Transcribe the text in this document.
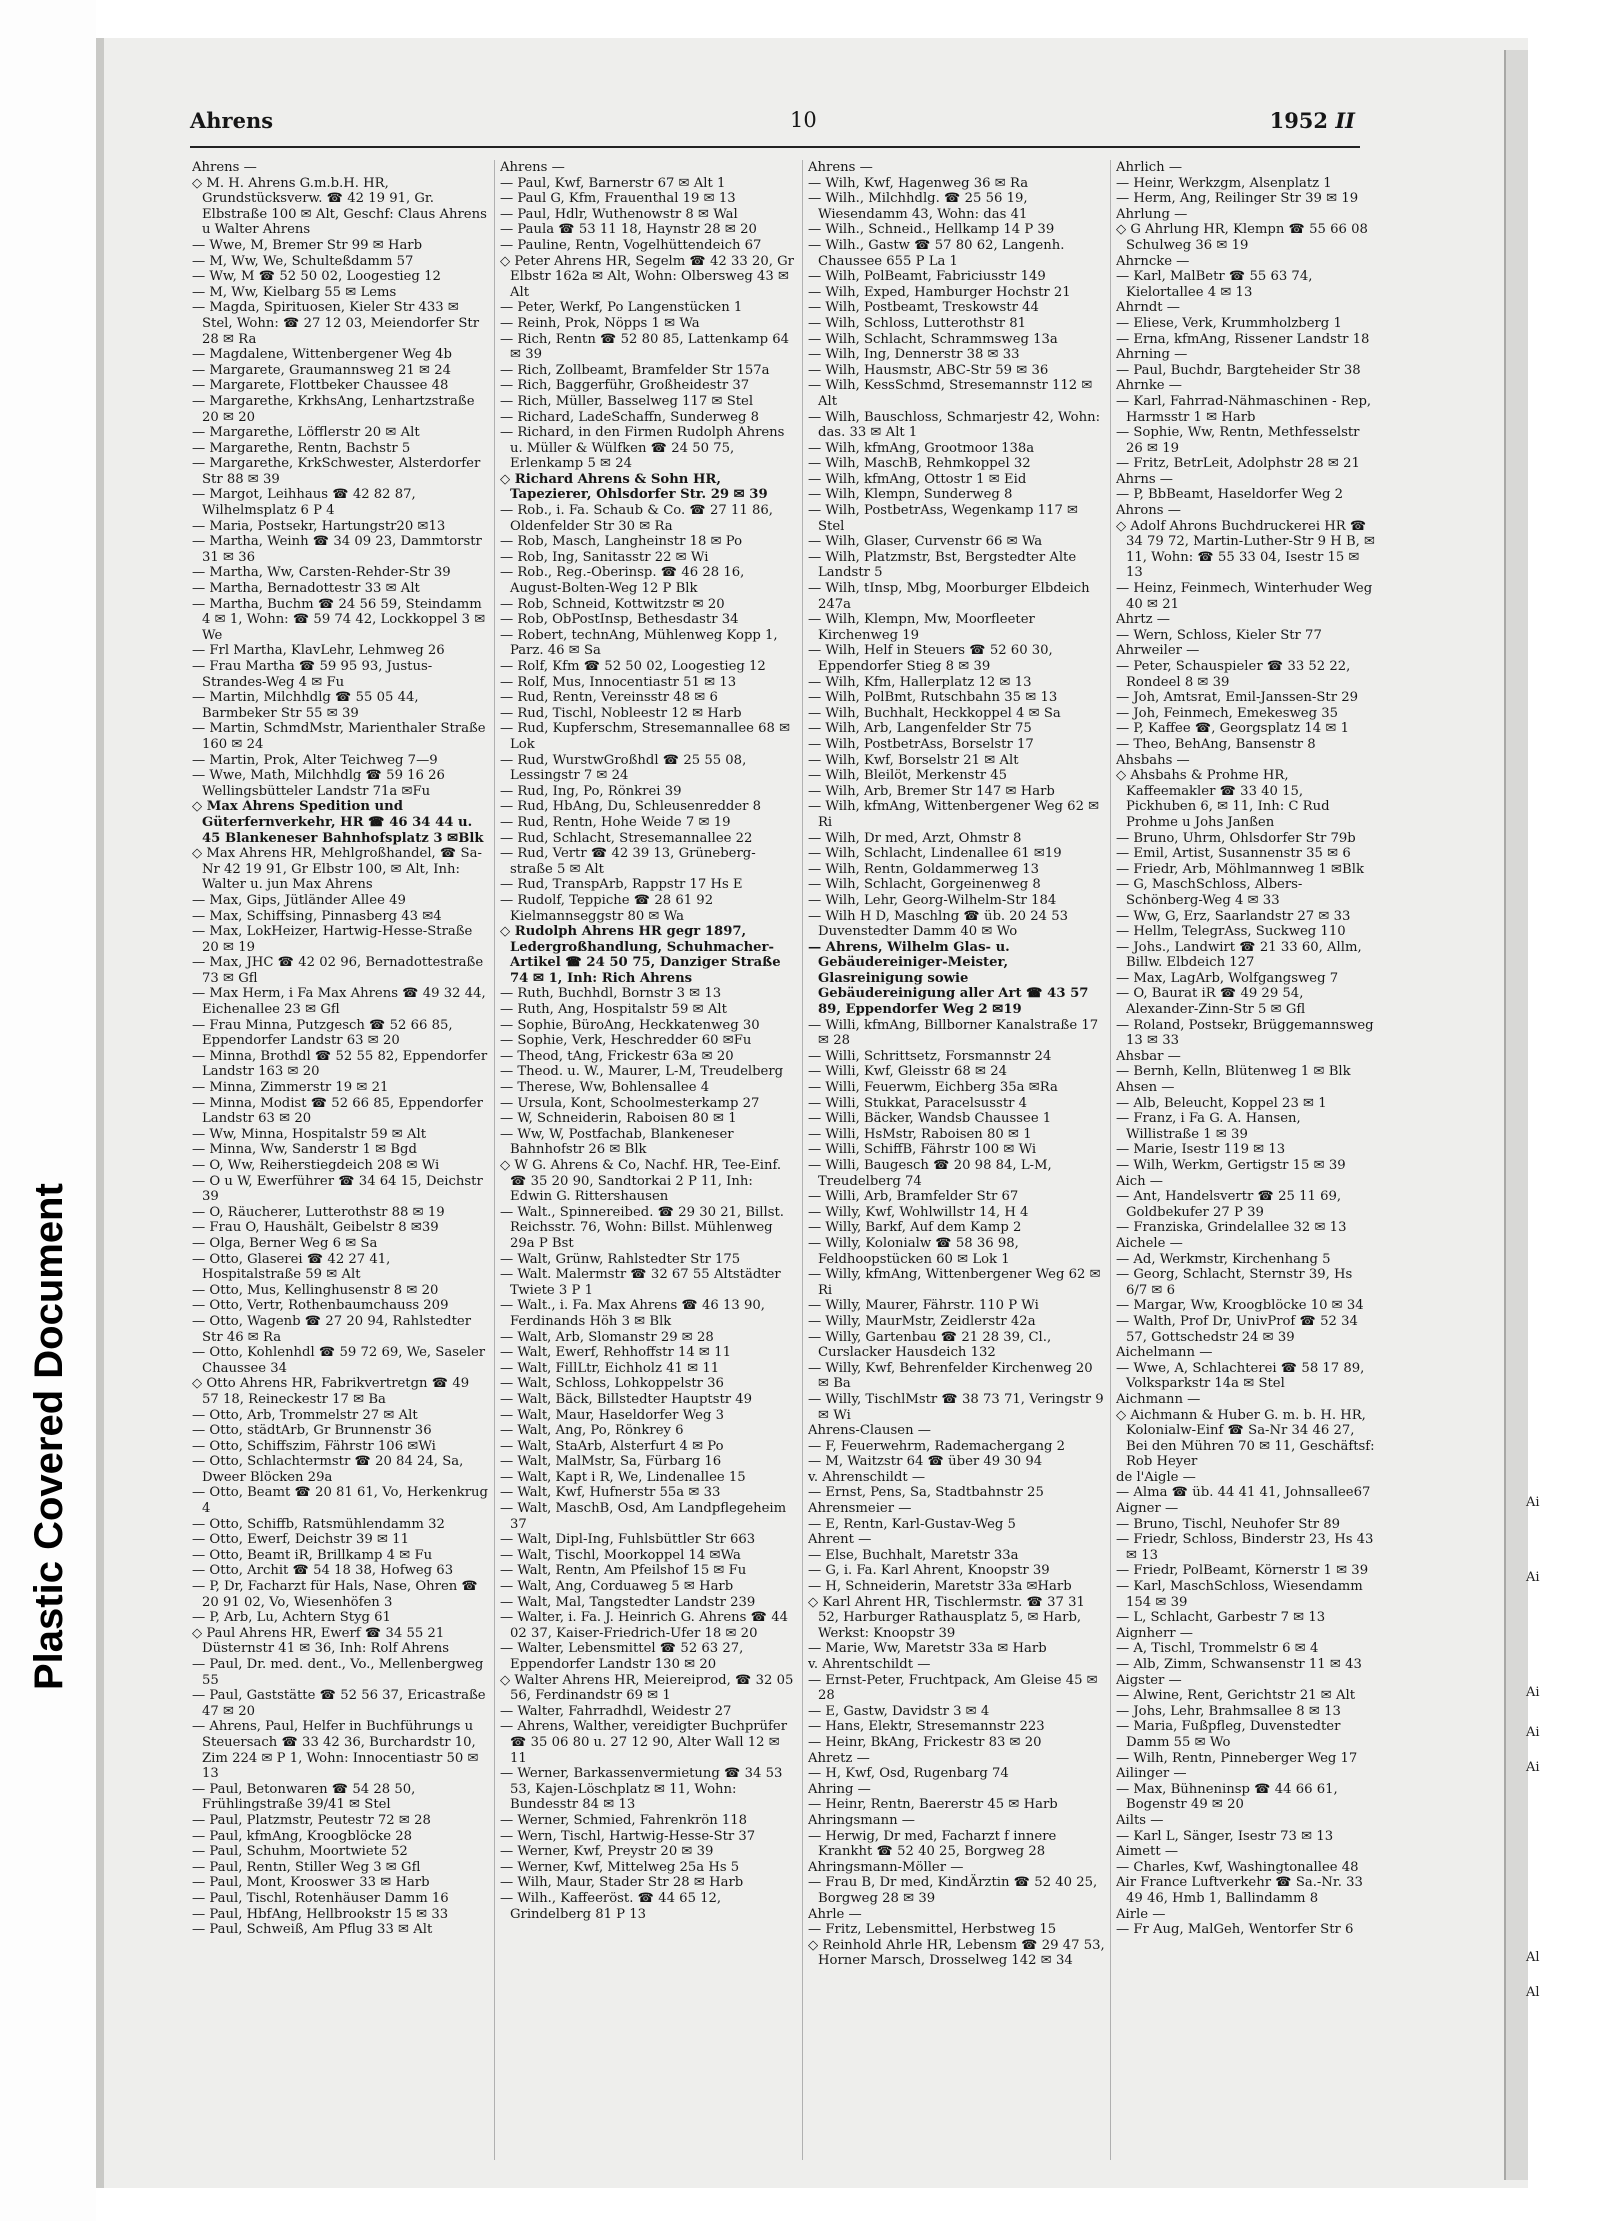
Plastic Covered Document
Ahrens	10	1952 II
Ahrens —
◇ M. H. Ahrens G.m.b.H. HR, Grundstücksverw. ☎ 42 19 91, Gr. Elbstraße 100 ✉ Alt, Geschf: Claus Ahrens u Walter Ahrens
— Wwe, M, Bremer Str 99 ✉ Harb
— M, Ww, We, Schulteßdamm 57
— Ww, M ☎ 52 50 02, Loogestieg 12
— M, Ww, Kielbarg 55 ✉ Lems
— Magda, Spirituosen, Kieler Str 433 ✉ Stel, Wohn: ☎ 27 12 03, Meiendorfer Str 28 ✉ Ra
— Magdalene, Wittenbergener Weg 4b
— Margarete, Graumannsweg 21 ✉ 24
— Margarete, Flottbeker Chaussee 48
— Margarethe, KrkhsAng, Lenhartzstraße 20 ✉ 20
— Margarethe, Löfflerstr 20 ✉ Alt
— Margarethe, Rentn, Bachstr 5
— Margarethe, KrkSchwester, Alsterdorfer Str 88 ✉ 39
— Margot, Leihhaus ☎ 42 82 87, Wilhelmsplatz 6 P 4
— Maria, Postsekr, Hartungstr20 ✉13
— Martha, Weinh ☎ 34 09 23, Dammtorstr 31 ✉ 36
— Martha, Ww, Carsten-Rehder-Str 39
— Martha, Bernadottestr 33 ✉ Alt
— Martha, Buchm ☎ 24 56 59, Steindamm 4 ✉ 1, Wohn: ☎ 59 74 42, Lockkoppel 3 ✉ We
— Frl Martha, KlavLehr, Lehmweg 26
— Frau Martha ☎ 59 95 93, Justus-Strandes-Weg 4 ✉ Fu
— Martin, Milchhdlg ☎ 55 05 44, Barmbeker Str 55 ✉ 39
— Martin, SchmdMstr, Marienthaler Straße 160 ✉ 24
— Martin, Prok, Alter Teichweg 7—9
— Wwe, Math, Milchhdlg ☎ 59 16 26 Wellingsbütteler Landstr 71a ✉Fu
◇ Max Ahrens Spedition und Güterfernverkehr, HR ☎ 46 34 44 u. 45 Blankeneser Bahnhofsplatz 3 ✉Blk
◇ Max Ahrens HR, Mehlgroßhandel, ☎ Sa-Nr 42 19 91, Gr Elbstr 100, ✉ Alt, Inh: Walter u. jun Max Ahrens
— Max, Gips, Jütländer Allee 49
— Max, Schiffsing, Pinnasberg 43 ✉4
— Max, LokHeizer, Hartwig-Hesse-Straße 20 ✉ 19
— Max, JHC ☎ 42 02 96, Bernadottestraße 73 ✉ Gfl
— Max Herm, i Fa Max Ahrens ☎ 49 32 44, Eichenallee 23 ✉ Gfl
— Frau Minna, Putzgesch ☎ 52 66 85, Eppendorfer Landstr 63 ✉ 20
— Minna, Brothdl ☎ 52 55 82, Eppendorfer Landstr 163 ✉ 20
— Minna, Zimmerstr 19 ✉ 21
— Minna, Modist ☎ 52 66 85, Eppendorfer Landstr 63 ✉ 20
— Ww, Minna, Hospitalstr 59 ✉ Alt
— Minna, Ww, Sanderstr 1 ✉ Bgd
— O, Ww, Reiherstiegdeich 208 ✉ Wi
— O u W, Ewerführer ☎ 34 64 15, Deichstr 39
— O, Räucherer, Lutterothstr 88 ✉ 19
— Frau O, Haushält, Geibelstr 8 ✉39
— Olga, Berner Weg 6 ✉ Sa
— Otto, Glaserei ☎ 42 27 41, Hospitalstraße 59 ✉ Alt
— Otto, Mus, Kellinghusenstr 8 ✉ 20
— Otto, Vertr, Rothenbaumchauss 209
— Otto, Wagenb ☎ 27 20 94, Rahlstedter Str 46 ✉ Ra
— Otto, Kohlenhdl ☎ 59 72 69, We, Saseler Chaussee 34
◇ Otto Ahrens HR, Fabrikvertretgn ☎ 49 57 18, Reineckestr 17 ✉ Ba
— Otto, Arb, Trommelstr 27 ✉ Alt
— Otto, städtArb, Gr Brunnenstr 36
— Otto, Schiffszim, Fährstr 106 ✉Wi
— Otto, Schlachtermstr ☎ 20 84 24, Sa, Dweer Blöcken 29a
— Otto, Beamt ☎ 20 81 61, Vo, Herkenkrug 4
— Otto, Schiffb, Ratsmühlendamm 32
— Otto, Ewerf, Deichstr 39 ✉ 11
— Otto, Beamt iR, Brillkamp 4 ✉ Fu
— Otto, Archit ☎ 54 18 38, Hofweg 63
— P, Dr, Facharzt für Hals, Nase, Ohren ☎ 20 91 02, Vo, Wiesenhöfen 3
— P, Arb, Lu, Achtern Styg 61
◇ Paul Ahrens HR, Ewerf ☎ 34 55 21 Düsternstr 41 ✉ 36, Inh: Rolf Ahrens
— Paul, Dr. med. dent., Vo., Mellenbergweg 55
— Paul, Gaststätte ☎ 52 56 37, Ericastraße 47 ✉ 20
— Ahrens, Paul, Helfer in Buchführungs u Steuersach ☎ 33 42 36, Burchardstr 10, Zim 224 ✉ P 1, Wohn: Innocentiastr 50 ✉ 13
— Paul, Betonwaren ☎ 54 28 50, Frühlingstraße 39/41 ✉ Stel
— Paul, Platzmstr, Peutestr 72 ✉ 28
— Paul, kfmAng, Kroogblöcke 28
— Paul, Schuhm, Moortwiete 52
— Paul, Rentn, Stiller Weg 3 ✉ Gfl
— Paul, Mont, Krooswег 33 ✉ Harb
— Paul, Tischl, Rotenhäuser Damm 16
— Paul, HbfAng, Hellbrookstr 15 ✉ 33
— Paul, Schweiß, Am Pflug 33 ✉ Alt
Ahrens —
— Paul, Kwf, Barnerstr 67 ✉ Alt 1
— Paul G, Kfm, Frauenthal 19 ✉ 13
— Paul, Hdlr, Wuthenowstr 8 ✉ Wal
— Paula ☎ 53 11 18, Haynstr 28 ✉ 20
— Pauline, Rentn, Vogelhüttendeich 67
◇ Peter Ahrens HR, Segelm ☎ 42 33 20, Gr Elbstr 162a ✉ Alt, Wohn: Olbersweg 43 ✉ Alt
— Peter, Werkf, Po Langenstücken 1
— Reinh, Prok, Nöpps 1 ✉ Wa
— Rich, Rentn ☎ 52 80 85, Lattenkamp 64 ✉ 39
— Rich, Zollbeamt, Bramfelder Str 157a
— Rich, Baggerführ, Großheidestr 37
— Rich, Müller, Basselweg 117 ✉ Stel
— Richard, LadeSchaffn, Sunderweg 8
— Richard, in den Firmen Rudolph Ahrens u. Müller & Wülfken ☎ 24 50 75, Erlenkamp 5 ✉ 24
◇ Richard Ahrens & Sohn HR, Tapezierer, Ohlsdorfer Str. 29 ✉ 39
— Rob., i. Fa. Schaub & Co. ☎ 27 11 86, Oldenfelder Str 30 ✉ Ra
— Rob, Masch, Langheinstr 18 ✉ Po
— Rob, Ing, Sanitasstr 22 ✉ Wi
— Rob., Reg.-Oberinsp. ☎ 46 28 16, August-Bolten-Weg 12 P Blk
— Rob, Schneid, Kottwitzstr ✉ 20
— Rob, ObPostInsp, Bethesdastr 34
— Robert, technAng, Mühlenweg Kopp 1, Parz. 46 ✉ Sa
— Rolf, Kfm ☎ 52 50 02, Loogestieg 12
— Rolf, Mus, Innocentiastr 51 ✉ 13
— Rud, Rentn, Vereinsstr 48 ✉ 6
— Rud, Tischl, Nobleestr 12 ✉ Harb
— Rud, Kupferschm, Stresemannallee 68 ✉ Lok
— Rud, WurstwGroßhdl ☎ 25 55 08, Lessingstr 7 ✉ 24
— Rud, Ing, Po, Rönkrei 39
— Rud, HbAng, Du, Schleusenredder 8
— Rud, Rentn, Hohe Weide 7 ✉ 19
— Rud, Schlacht, Stresemannallee 22
— Rud, Vertr ☎ 42 39 13, Grüneberg-straße 5 ✉ Alt
— Rud, TranspArb, Rappstr 17 Hs E
— Rudolf, Teppiche ☎ 28 61 92 Kielmannseggstr 80 ✉ Wa
◇ Rudolph Ahrens HR gegr 1897, Ledergroßhandlung, Schuhmacher-Artikel ☎ 24 50 75, Danziger Straße 74 ✉ 1, Inh: Rich Ahrens
— Ruth, Buchhdl, Bornstr 3 ✉ 13
— Ruth, Ang, Hospitalstr 59 ✉ Alt
— Sophie, BüroAng, Heckkatenweg 30
— Sophie, Verk, Heschredder 60 ✉Fu
— Theod, tAng, Frickestr 63a ✉ 20
— Theod. u. W., Maurer, L-M, Treudelberg
— Therese, Ww, Bohlensallee 4
— Ursula, Kont, Schoolmesterkamp 27
— W, Schneiderin, Raboisen 80 ✉ 1
— Ww, W, Postfachab, Blankeneser Bahnhofstr 26 ✉ Blk
◇ W G. Ahrens & Co, Nachf. HR, Tee-Einf. ☎ 35 20 90, Sandtorkai 2 P 11, Inh: Edwin G. Rittershausen
— Walt., Spinnereibed. ☎ 29 30 21, Billst. Reichsstr. 76, Wohn: Billst. Mühlenweg 29a P Bst
— Walt, Grünw, Rahlstedter Str 175
— Walt. Malermstr ☎ 32 67 55 Altstädter Twiete 3 P 1
— Walt., i. Fa. Max Ahrens ☎ 46 13 90, Ferdinands Höh 3 ✉ Blk
— Walt, Arb, Slomanstr 29 ✉ 28
— Walt, Ewerf, Rehhoffstr 14 ✉ 11
— Walt, FillLtr, Eichholz 41 ✉ 11
— Walt, Schloss, Lohkoppelstr 36
— Walt, Bäck, Billstedter Hauptstr 49
— Walt, Maur, Haseldorfer Weg 3
— Walt, Ang, Po, Rönkrey 6
— Walt, StaArb, Alsterfurt 4 ✉ Po
— Walt, MalMstr, Sa, Fürbarg 16
— Walt, Kapt i R, We, Lindenallee 15
— Walt, Kwf, Hufnerstr 55a ✉ 33
— Walt, MaschB, Osd, Am Landpflegeheim 37
— Walt, Dipl-Ing, Fuhlsbüttler Str 663
— Walt, Tischl, Moorkoppel 14 ✉Wa
— Walt, Rentn, Am Pfeilshof 15 ✉ Fu
— Walt, Ang, Corduaweg 5 ✉ Harb
— Walt, Mal, Tangstedter Landstr 239
— Walter, i. Fa. J. Heinrich G. Ahrens ☎ 44 02 37, Kaiser-Friedrich-Ufer 18 ✉ 20
— Walter, Lebensmittel ☎ 52 63 27, Eppendorfer Landstr 130 ✉ 20
◇ Walter Ahrens HR, Meiereiprod, ☎ 32 05 56, Ferdinandstr 69 ✉ 1
— Walter, Fahrradhdl, Weidestr 27
— Ahrens, Walther, vereidigter Buchprüfer ☎ 35 06 80 u. 27 12 90, Alter Wall 12 ✉ 11
— Werner, Barkassenvermietung ☎ 34 53 53, Kajen-Löschplatz ✉ 11, Wohn: Bundesstr 84 ✉ 13
— Werner, Schmied, Fahrenkrön 118
— Wern, Tischl, Hartwig-Hesse-Str 37
— Werner, Kwf, Preystr 20 ✉ 39
— Werner, Kwf, Mittelweg 25a Hs 5
— Wilh, Maur, Stader Str 28 ✉ Harb
— Wilh., Kaffeeröst. ☎ 44 65 12, Grindelberg 81 P 13
Ahrens —
— Wilh, Kwf, Hagenweg 36 ✉ Ra
— Wilh., Milchhdlg. ☎ 25 56 19, Wiesendamm 43, Wohn: das 41
— Wilh., Schneid., Hellkamp 14 P 39
— Wilh., Gastw ☎ 57 80 62, Langenh. Chaussee 655 P La 1
— Wilh, PolBeamt, Fabriciusstr 149
— Wilh, Exped, Hamburger Hochstr 21
— Wilh, Postbeamt, Treskowstr 44
— Wilh, Schloss, Lutterothstr 81
— Wilh, Schlacht, Schrammsweg 13a
— Wilh, Ing, Dennerstr 38 ✉ 33
— Wilh, Hausmstr, ABC-Str 59 ✉ 36
— Wilh, KessSchmd, Stresemannstr 112 ✉ Alt
— Wilh, Bauschloss, Schmarjestr 42, Wohn: das. 33 ✉ Alt 1
— Wilh, kfmAng, Grootmoor 138a
— Wilh, MaschB, Rehmkoppel 32
— Wilh, kfmAng, Ottostr 1 ✉ Eid
— Wilh, Klempn, Sunderweg 8
— Wilh, PostbetrAss, Wegenkamp 117 ✉ Stel
— Wilh, Glaser, Curvenstr 66 ✉ Wa
— Wilh, Platzmstr, Bst, Bergstedter Alte Landstr 5
— Wilh, tInsp, Mbg, Moorburger Elbdeich 247a
— Wilh, Klempn, Mw, Moorfleeter Kirchenweg 19
— Wilh, Helf in Steuers ☎ 52 60 30, Eppendorfer Stieg 8 ✉ 39
— Wilh, Kfm, Hallerplatz 12 ✉ 13
— Wilh, PolBmt, Rutschbahn 35 ✉ 13
— Wilh, Buchhalt, Heckkoppel 4 ✉ Sa
— Wilh, Arb, Langenfelder Str 75
— Wilh, PostbetrAss, Borselstr 17
— Wilh, Kwf, Borselstr 21 ✉ Alt
— Wilh, Bleilöt, Merkenstr 45
— Wilh, Arb, Bremer Str 147 ✉ Harb
— Wilh, kfmAng, Wittenbergener Weg 62 ✉ Ri
— Wilh, Dr med, Arzt, Ohmstr 8
— Wilh, Schlacht, Lindenallee 61 ✉19
— Wilh, Rentn, Goldammerweg 13
— Wilh, Schlacht, Gorgeinenweg 8
— Wilh, Lehr, Georg-Wilhelm-Str 184
— Wilh H D, Maschlng ☎ üb. 20 24 53 Duvenstedter Damm 40 ✉ Wo
— Ahrens, Wilhelm Glas- u. Gebäudereiniger-Meister, Glasreinigung sowie Gebäudereinigung aller Art ☎ 43 57 89, Eppendorfer Weg 2 ✉19
— Willi, kfmAng, Billborner Kanalstraße 17 ✉ 28
— Willi, Schrittsetz, Forsmannstr 24
— Willi, Kwf, Gleisstr 68 ✉ 24
— Willi, Feuerwm, Eichberg 35a ✉Ra
— Willi, Stukkat, Paracelsusstr 4
— Willi, Bäcker, Wandsb Chaussee 1
— Willi, HsMstr, Raboisen 80 ✉ 1
— Willi, SchiffB, Fährstr 100 ✉ Wi
— Willi, Baugesch ☎ 20 98 84, L-M, Treudelberg 74
— Willi, Arb, Bramfelder Str 67
— Willy, Kwf, Wohlwillstr 14, H 4
— Willy, Barkf, Auf dem Kamp 2
— Willy, Kolonialw ☎ 58 36 98, Feldhoopstücken 60 ✉ Lok 1
— Willy, kfmAng, Wittenbergener Weg 62 ✉ Ri
— Willy, Maurer, Fährstr. 110 P Wi
— Willy, MaurMstr, Zeidlerstr 42a
— Willy, Gartenbau ☎ 21 28 39, Cl., Curslacker Hausdeich 132
— Willy, Kwf, Behrenfelder Kirchenweg 20 ✉ Ba
— Willy, TischlMstr ☎ 38 73 71, Veringstr 9 ✉ Wi
Ahrens-Clausen —
— F, Feuerwehrm, Rademachergang 2
— M, Waitzstr 64 ☎ über 49 30 94
v. Ahrenschildt —
— Ernst, Pens, Sa, Stadtbahnstr 25
Ahrensmeier —
— E, Rentn, Karl-Gustav-Weg 5
Ahrent —
— Else, Buchhalt, Maretstr 33a
— G, i. Fa. Karl Ahrent, Knoopstr 39
— H, Schneiderin, Maretstr 33a ✉Harb
◇ Karl Ahrent HR, Tischlermstr. ☎ 37 31 52, Harburger Rathausplatz 5, ✉ Harb, Werkst: Knoopstr 39
— Marie, Ww, Maretstr 33a ✉ Harb
v. Ahrentschildt —
— Ernst-Peter, Fruchtpack, Am Gleise 45 ✉ 28
— E, Gastw, Davidstr 3 ✉ 4
— Hans, Elektr, Stresemannstr 223
— Heinr, BkAng, Frickestr 83 ✉ 20
Ahretz —
— H, Kwf, Osd, Rugenbarg 74
Ahring —
— Heinr, Rentn, Baererstr 45 ✉ Harb
Ahringsmann —
— Herwig, Dr med, Facharzt f innere Krankht ☎ 52 40 25, Borgweg 28
Ahringsmann-Möller —
— Frau B, Dr med, KindÄrztin ☎ 52 40 25, Borgweg 28 ✉ 39
Ahrle —
— Fritz, Lebensmittel, Herbstweg 15
◇ Reinhold Ahrle HR, Lebensm ☎ 29 47 53, Horner Marsch, Drosselweg 142 ✉ 34
Ahrlich —
— Heinr, Werkzgm, Alsenplatz 1
— Herm, Ang, Reilinger Str 39 ✉ 19
Ahrlung —
◇ G Ahrlung HR, Klempn ☎ 55 66 08 Schulweg 36 ✉ 19
Ahrncke —
— Karl, MalBetr ☎ 55 63 74, Kielortallee 4 ✉ 13
Ahrndt —
— Eliese, Verk, Krummholzberg 1
— Erna, kfmAng, Rissener Landstr 18
Ahrning —
— Paul, Buchdr, Bargteheider Str 38
Ahrnke —
— Karl, Fahrrad-Nähmaschinen - Rep, Harmsstr 1 ✉ Harb
— Sophie, Ww, Rentn, Methfesselstr 26 ✉ 19
— Fritz, BetrLeit, Adolphstr 28 ✉ 21
Ahrns —
— P, BbBeamt, Haseldorfer Weg 2
Ahrons —
◇ Adolf Ahrons Buchdruckerei HR ☎ 34 79 72, Martin-Luther-Str 9 H B, ✉ 11, Wohn: ☎ 55 33 04, Isestr 15 ✉ 13
— Heinz, Feinmech, Winterhuder Weg 40 ✉ 21
Ahrtz —
— Wern, Schloss, Kieler Str 77
Ahrweiler —
— Peter, Schauspieler ☎ 33 52 22, Rondeel 8 ✉ 39
— Joh, Amtsrat, Emil-Janssen-Str 29
— Joh, Feinmech, Emekesweg 35
— P, Kaffee ☎, Georgsplatz 14 ✉ 1
— Theo, BehAng, Bansenstr 8
Ahsbahs —
◇ Ahsbahs & Prohme HR, Kaffeemakler ☎ 33 40 15, Pickhuben 6, ✉ 11, Inh: C Rud Prohme u Johs Janßen
— Bruno, Uhrm, Ohlsdorfer Str 79b
— Emil, Artist, Susannenstr 35 ✉ 6
— Friedr, Arb, Möhlmannweg 1 ✉Blk
— G, MaschSchloss, Albers-Schönberg-Weg 4 ✉ 33
— Ww, G, Erz, Saarlandstr 27 ✉ 33
— Hellm, TelegrAss, Suckweg 110
— Johs., Landwirt ☎ 21 33 60, Allm, Billw. Elbdeich 127
— Max, LagArb, Wolfgangsweg 7
— O, Baurat iR ☎ 49 29 54, Alexander-Zinn-Str 5 ✉ Gfl
— Roland, Postsekr, Brüggemannsweg 13 ✉ 33
Ahsbar —
— Bernh, Kelln, Blütenweg 1 ✉ Blk
Ahsen —
— Alb, Beleucht, Koppel 23 ✉ 1
— Franz, i Fa G. A. Hansen, Willistraße 1 ✉ 39
— Marie, Isestr 119 ✉ 13
— Wilh, Werkm, Gertigstr 15 ✉ 39
Aich —
— Ant, Handelsvertr ☎ 25 11 69, Goldbekufer 27 P 39
— Franziska, Grindelallee 32 ✉ 13
Aichele —
— Ad, Werkmstr, Kirchenhang 5
— Georg, Schlacht, Sternstr 39, Hs 6/7 ✉ 6
— Margar, Ww, Kroogblöcke 10 ✉ 34
— Walth, Prof Dr, UnivProf ☎ 52 34 57, Gottschedstr 24 ✉ 39
Aichelmann —
— Wwe, A, Schlachterei ☎ 58 17 89, Volksparkstr 14a ✉ Stel
Aichmann —
◇ Aichmann & Huber G. m. b. H. HR, Kolonialw-Einf ☎ Sa-Nr 34 46 27, Bei den Mühren 70 ✉ 11, Geschäftsf: Rob Heyer
de l'Aigle —
— Alma ☎ üb. 44 41 41, Johnsallee67
Aigner —
— Bruno, Tischl, Neuhofer Str 89
— Friedr, Schloss, Binderstr 23, Hs 43 ✉ 13
— Friedr, PolBeamt, Körnerstr 1 ✉ 39
— Karl, MaschSchloss, Wiesendamm 154 ✉ 39
— L, Schlacht, Garbestr 7 ✉ 13
Aignherr —
— A, Tischl, Trommelstr 6 ✉ 4
— Alb, Zimm, Schwansenstr 11 ✉ 43
Aigster —
— Alwine, Rent, Gerichtstr 21 ✉ Alt
— Johs, Lehr, Brahmsallee 8 ✉ 13
— Maria, Fußpfleg, Duvenstedter Damm 55 ✉ Wo
— Wilh, Rentn, Pinneberger Weg 17
Ailinger —
— Max, Bühneninsp ☎ 44 66 61, Bogenstr 49 ✉ 20
Ailts —
— Karl L, Sänger, Isestr 73 ✉ 13
Aimett —
— Charles, Kwf, Washingtonallee 48
Air France Luftverkehr ☎ Sa.-Nr. 33 49 46, Hmb 1, Ballindamm 8
Airle —
— Fr Aug, MalGeh, Wentorfer Str 6
Ai
Ai
Ai
Ai
Ai
Al
Al
